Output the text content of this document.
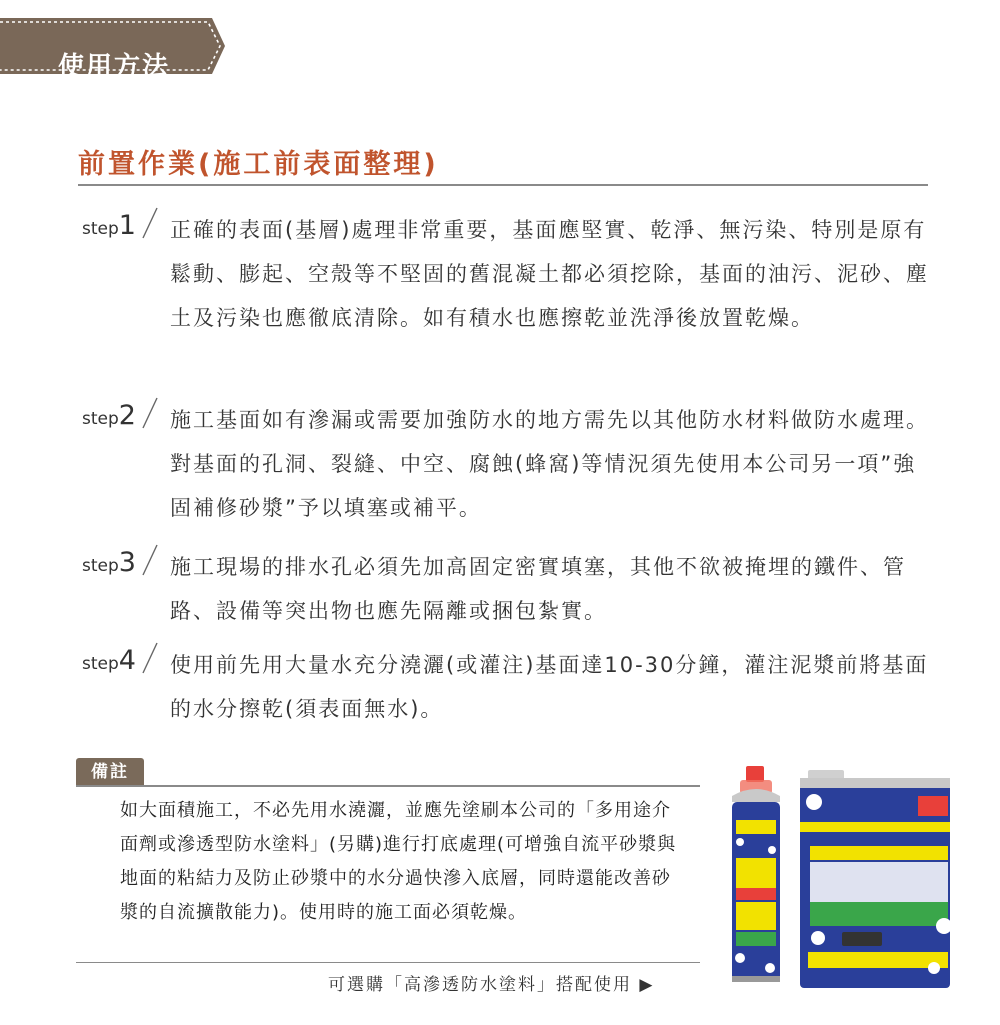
使用方法
前置作業(施工前表面整理)
step1 正確的表面(基層)處理非常重要，基面應堅實、乾淨、無污染、特別是原有鬆動、膨起、空殼等不堅固的舊混凝土都必須挖除，基面的油污、泥砂、塵土及污染也應徹底清除。如有積水也應擦乾並洗淨後放置乾燥。
step2 施工基面如有滲漏或需要加強防水的地方需先以其他防水材料做防水處理。對基面的孔洞、裂縫、中空、腐蝕(蜂窩)等情況須先使用本公司另一項”強固補修砂漿”予以填塞或補平。
step3 施工現場的排水孔必須先加高固定密實填塞，其他不欲被掩埋的鐵件、管路、設備等突出物也應先隔離或捆包紮實。
step4 使用前先用大量水充分澆灑(或灌注)基面達10-30分鐘，灌注泥漿前將基面的水分擦乾(須表面無水)。
備註
如大面積施工，不必先用水澆灑，並應先塗刷本公司的「多用途介面劑或滲透型防水塗料」(另購)進行打底處理(可增強自流平砂漿與地面的粘結力及防止砂漿中的水分過快滲入底層，同時還能改善砂漿的自流擴散能力)。使用時的施工面必須乾燥。
可選購「高滲透防水塗料」搭配使用 ▶
